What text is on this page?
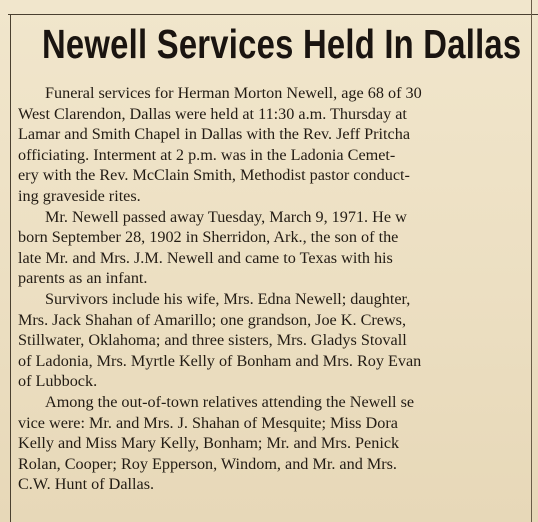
Newell Services Held In Dallas

Funeral services for Herman Morton Newell, age 68 of 30
West Clarendon, Dallas were held at 11:30 a.m. Thursday at
Lamar and Smith Chapel in Dallas with the Rev. Jeff Pritcha
officiating. Interment at 2 p.m. was in the Ladonia Cemet-
ery with the Rev. McClain Smith, Methodist pastor conduct-
ing graveside rites.

Mr. Newell passed away Tuesday, March 9, 1971. He w
born September 28, 1902 in Sherridon, Ark., the son of the
late Mr. and Mrs. J.M. Newell and came to Texas with his
parents as an infant.

Survivors include his wife, Mrs. Edna Newell; daughter,
Mrs. Jack Shahan of Amarillo; one grandson, Joe K. Crews,
Stillwater, Oklahoma; and three sisters, Mrs. Gladys Stovall
of Ladonia, Mrs. Myrtle Kelly of Bonham and Mrs. Roy Evan
of Lubbock.

Among the out-of-town relatives attending the Newell se
vice were: Mr. and Mrs. J. Shahan of Mesquite; Miss Dora
Kelly and Miss Mary Kelly, Bonham; Mr. and Mrs. Penick
Rolan, Cooper; Roy Epperson, Windom, and Mr. and Mrs.
C.W. Hunt of Dallas.
